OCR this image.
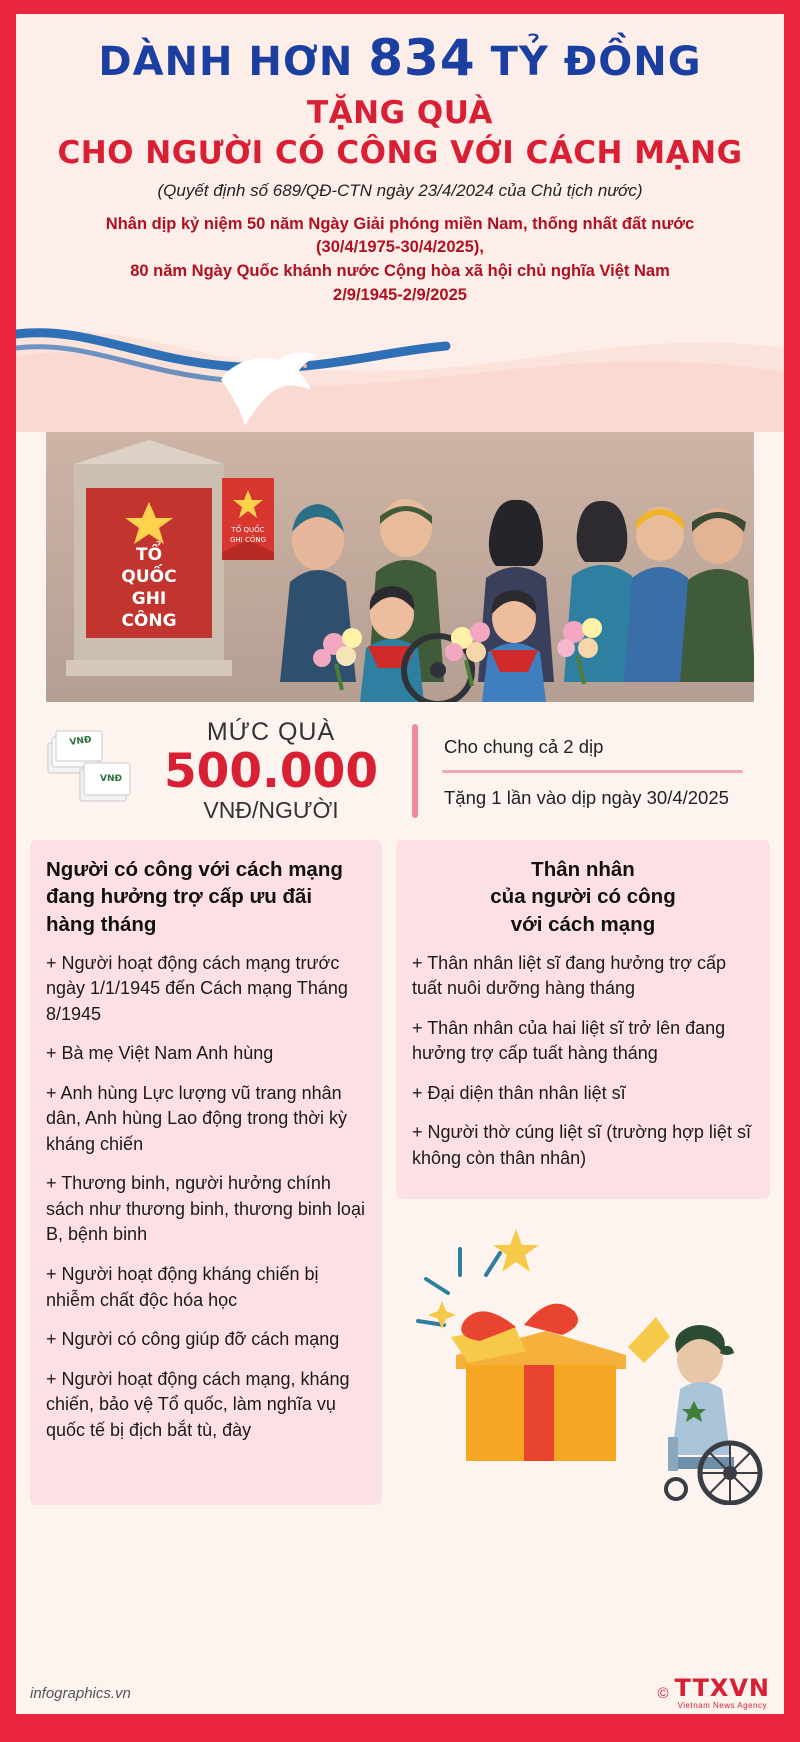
DÀNH HƠN 834 TỶ ĐỒNG
TẶNG QUÀ
CHO NGƯỜI CÓ CÔNG VỚI CÁCH MẠNG
(Quyết định số 689/QĐ-CTN ngày 23/4/2024 của Chủ tịch nước)
Nhân dịp kỷ niệm 50 năm Ngày Giải phóng miền Nam, thống nhất đất nước
(30/4/1975-30/4/2025),
80 năm Ngày Quốc khánh nước Cộng hòa xã hội chủ nghĩa Việt Nam
2/9/1945-2/9/2025
TỔ
QUỐC
GHI
CÔNG
TỔ QUỐC
GHI CÔNG
VNĐ
VNĐ
MỨC QUÀ
500.000
VNĐ/NGƯỜI
Cho chung cả 2 dịp
Tặng 1 lần vào dịp ngày 30/4/2025
Người có công với cách mạng đang hưởng trợ cấp ưu đãi hàng tháng
+ Người hoạt động cách mạng trước ngày 1/1/1945 đến Cách mạng Tháng 8/1945
+ Bà mẹ Việt Nam Anh hùng
+ Anh hùng Lực lượng vũ trang nhân dân, Anh hùng Lao động trong thời kỳ kháng chiến
+ Thương binh, người hưởng chính sách như thương binh, thương binh loại B, bệnh binh
+ Người hoạt động kháng chiến bị nhiễm chất độc hóa học
+ Người có công giúp đỡ cách mạng
+ Người hoạt động cách mạng, kháng chiến, bảo vệ Tổ quốc, làm nghĩa vụ quốc tế bị địch bắt tù, đày
Thân nhân
của người có công
với cách mạng
+ Thân nhân liệt sĩ đang hưởng trợ cấp tuất nuôi dưỡng hàng tháng
+ Thân nhân của hai liệt sĩ trở lên đang hưởng trợ cấp tuất hàng tháng
+ Đại diện thân nhân liệt sĩ
+ Người thờ cúng liệt sĩ (trường hợp liệt sĩ không còn thân nhân)
infographics.vn	© TTXVN
Vietnam News Agency
